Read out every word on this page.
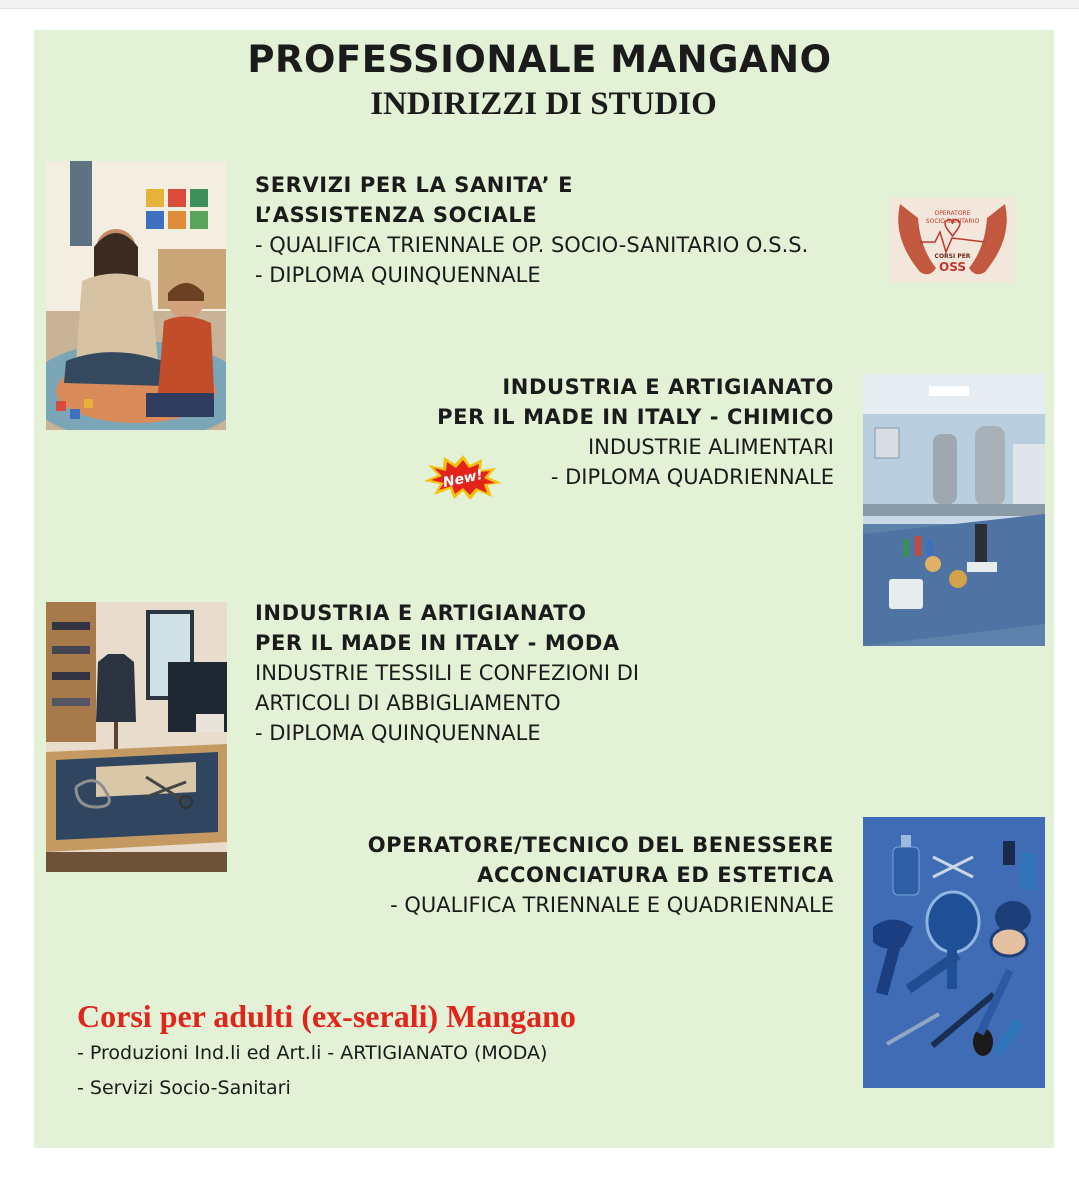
PROFESSIONALE MANGANO
INDIRIZZI DI STUDIO
SERVIZI PER LA SANITA’ E
L’ASSISTENZA SOCIALE
- QUALIFICA TRIENNALE OP. SOCIO-SANITARIO O.S.S.
- DIPLOMA QUINQUENNALE
OPERATORE
SOCIO SANITARIO
CORSI PER
OSS
INDUSTRIA E ARTIGIANATO
PER IL MADE IN ITALY - CHIMICO
INDUSTRIE ALIMENTARI
- DIPLOMA QUADRIENNALE
New!
INDUSTRIA E ARTIGIANATO
PER IL MADE IN ITALY - MODA
INDUSTRIE TESSILI E CONFEZIONI DI
ARTICOLI DI ABBIGLIAMENTO
- DIPLOMA QUINQUENNALE
OPERATORE/TECNICO DEL BENESSERE
ACCONCIATURA ED ESTETICA
- QUALIFICA TRIENNALE E QUADRIENNALE
Corsi per adulti (ex-serali) Mangano
- Produzioni Ind.li ed Art.li - ARTIGIANATO (MODA)
- Servizi Socio-Sanitari
